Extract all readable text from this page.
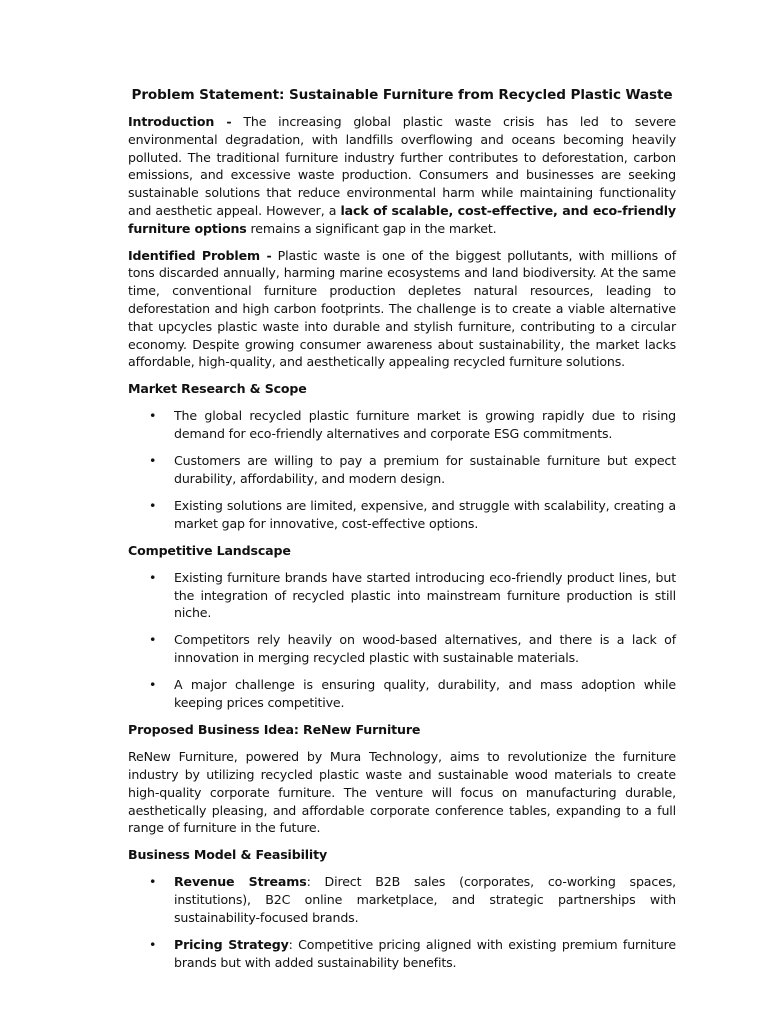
Problem Statement: Sustainable Furniture from Recycled Plastic Waste

Introduction - The increasing global plastic waste crisis has led to severe environmental degradation, with landfills overflowing and oceans becoming heavily polluted. The traditional furniture industry further contributes to deforestation, carbon emissions, and excessive waste production. Consumers and businesses are seeking sustainable solutions that reduce environmental harm while maintaining functionality and aesthetic appeal. However, a lack of scalable, cost-effective, and eco-friendly furniture options remains a significant gap in the market.

Identified Problem - Plastic waste is one of the biggest pollutants, with millions of tons discarded annually, harming marine ecosystems and land biodiversity. At the same time, conventional furniture production depletes natural resources, leading to deforestation and high carbon footprints. The challenge is to create a viable alternative that upcycles plastic waste into durable and stylish furniture, contributing to a circular economy. Despite growing consumer awareness about sustainability, the market lacks affordable, high-quality, and aesthetically appealing recycled furniture solutions.

Market Research & Scope
• The global recycled plastic furniture market is growing rapidly due to rising demand for eco-friendly alternatives and corporate ESG commitments.
• Customers are willing to pay a premium for sustainable furniture but expect durability, affordability, and modern design.
• Existing solutions are limited, expensive, and struggle with scalability, creating a market gap for innovative, cost-effective options.
Competitive Landscape
• Existing furniture brands have started introducing eco-friendly product lines, but the integration of recycled plastic into mainstream furniture production is still niche.
• Competitors rely heavily on wood-based alternatives, and there is a lack of innovation in merging recycled plastic with sustainable materials.
• A major challenge is ensuring quality, durability, and mass adoption while keeping prices competitive.
Proposed Business Idea: ReNew Furniture

ReNew Furniture, powered by Mura Technology, aims to revolutionize the furniture industry by utilizing recycled plastic waste and sustainable wood materials to create high-quality corporate furniture. The venture will focus on manufacturing durable, aesthetically pleasing, and affordable corporate conference tables, expanding to a full range of furniture in the future.

Business Model & Feasibility
• Revenue Streams: Direct B2B sales (corporates, co-working spaces, institutions), B2C online marketplace, and strategic partnerships with sustainability-focused brands.
• Pricing Strategy: Competitive pricing aligned with existing premium furniture brands but with added sustainability benefits.
